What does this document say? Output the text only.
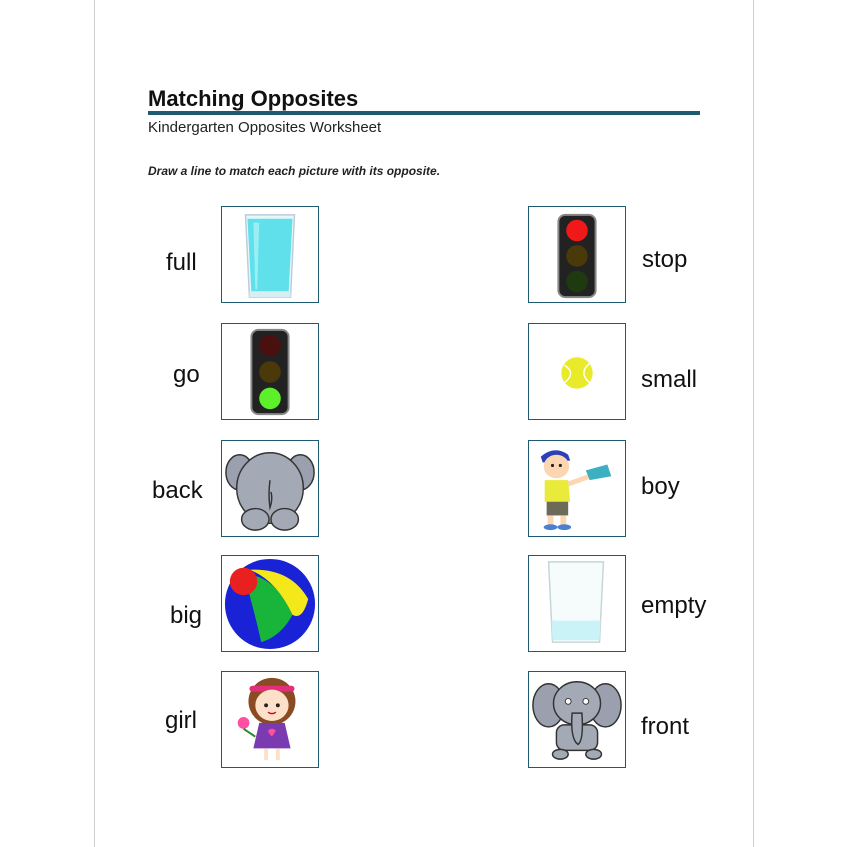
Matching Opposites
Kindergarten Opposites Worksheet
Draw a line to match each picture with its opposite.
full
go
back
big
girl
stop
small
boy
empty
front
